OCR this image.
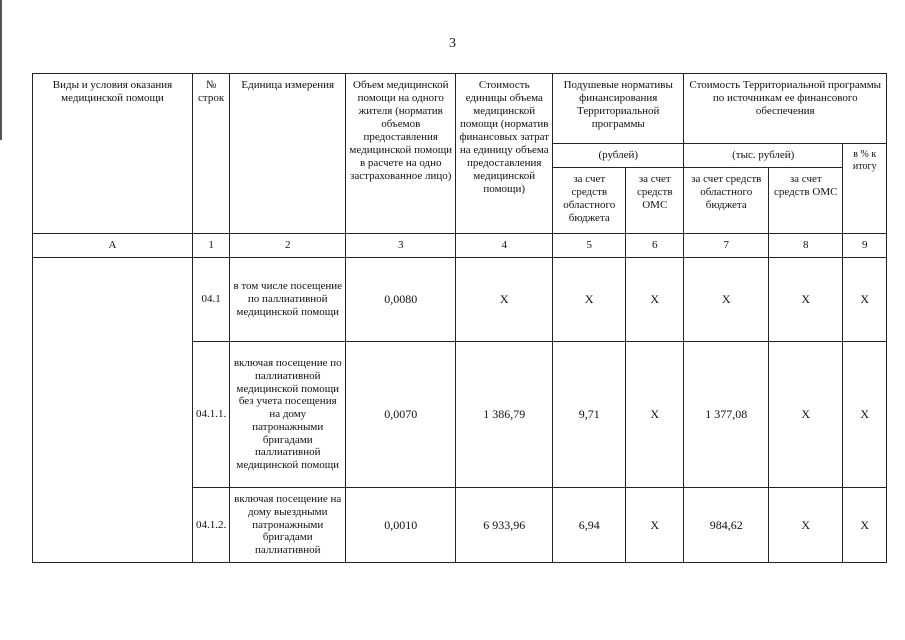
3
Виды и условия оказания медицинской помощи	№ строк	Единица измерения	Объем медицинской помощи на одного жителя (норматив объемов предоставления медицинской помощи в расчете на одно застрахованное лицо)	Стоимость единицы объема медицинской помощи (норматив финансовых затрат на единицу объема предоставления медицинской помощи)	Подушевые нормативы финансирования Территориальной программы		Стоимость Территориальной программы по источникам ее финансового обеспечения		
					(рублей)		(тыс. рублей)		в % к итогу
					за счет средств областного бюджета	за счет средств ОМС	за счет средств областного бюджета	за счет средств ОМС	
А	1	2	3	4	5	6	7	8	9
	04.1	в том числе посещение по паллиативной медицинской помощи	0,0080	Х	Х	Х	Х	Х	Х
	04.1.1.	включая посещение по паллиативной медицинской помощи без учета посещения на дому патронажными бригадами паллиативной медицинской помощи	0,0070	1 386,79	9,71	Х	1 377,08	Х	Х
	04.1.2.	включая посещение на дому выездными патронажными бригадами паллиативной	0,0010	6 933,96	6,94	Х	984,62	Х	Х
